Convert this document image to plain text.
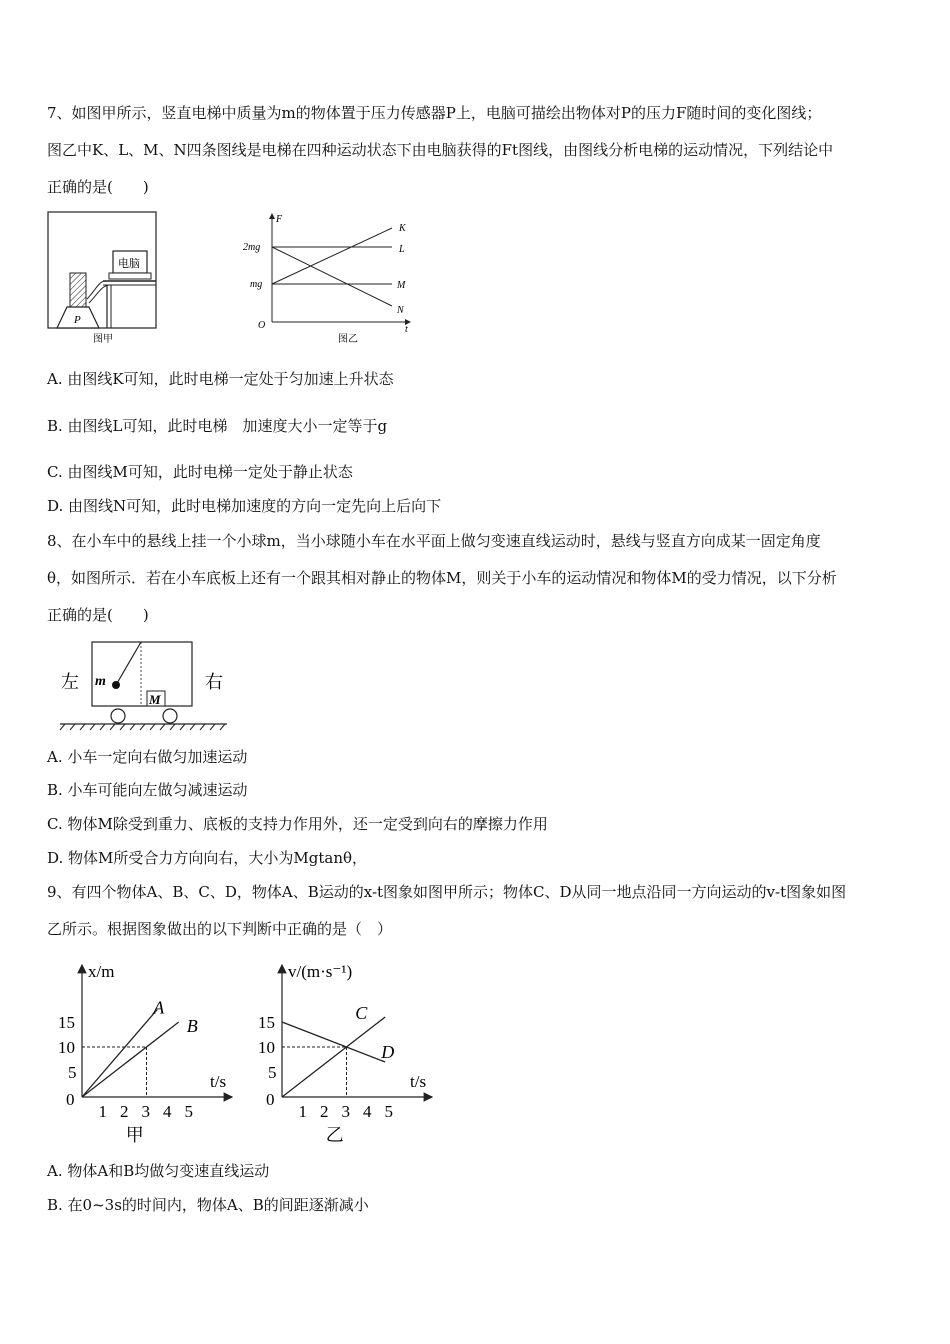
7、如图甲所示，竖直电梯中质量为m的物体置于压力传感器P上，电脑可描绘出物体对P的压力F随时间的变化图线；
图乙中K、L、M、N四条图线是电梯在四种运动状态下由电脑获得的Ft图线，由图线分析电梯的运动情况，下列结论中
正确的是(　　)
电脑
P
图甲
F
t
O
2mg
mg
K
L
M
N
图乙
A. 由图线K可知，此时电梯一定处于匀加速上升状态
B. 由图线L可知，此时电梯　加速度大小一定等于g
C. 由图线M可知，此时电梯一定处于静止状态
D. 由图线N可知，此时电梯加速度的方向一定先向上后向下
8、在小车中的悬线上挂一个小球m，当小球随小车在水平面上做匀变速直线运动时，悬线与竖直方向成某一固定角度
θ，如图所示．若在小车底板上还有一个跟其相对静止的物体M，则关于小车的运动情况和物体M的受力情况，以下分析
正确的是(　　)
左	右
m
M
A. 小车一定向右做匀加速运动
B. 小车可能向左做匀减速运动
C. 物体M除受到重力、底板的支持力作用外，还一定受到向右的摩擦力作用
D. 物体M所受合力方向向右，大小为Mgtanθ，
9、有四个物体A、B、C、D，物体A、B运动的x-t图象如图甲所示；物体C、D从同一地点沿同一方向运动的v-t图象如图
乙所示。根据图象做出的以下判断中正确的是（　）
x/m
t/s
0
1 2 3 4 5
5
10
15
A
B
甲
v/(m·s⁻¹)
t/s
0
1 2 3 4 5
5
10
15	C
D
乙
A. 物体A和B均做匀变速直线运动
B. 在0~3s的时间内，物体A、B的间距逐渐减小
